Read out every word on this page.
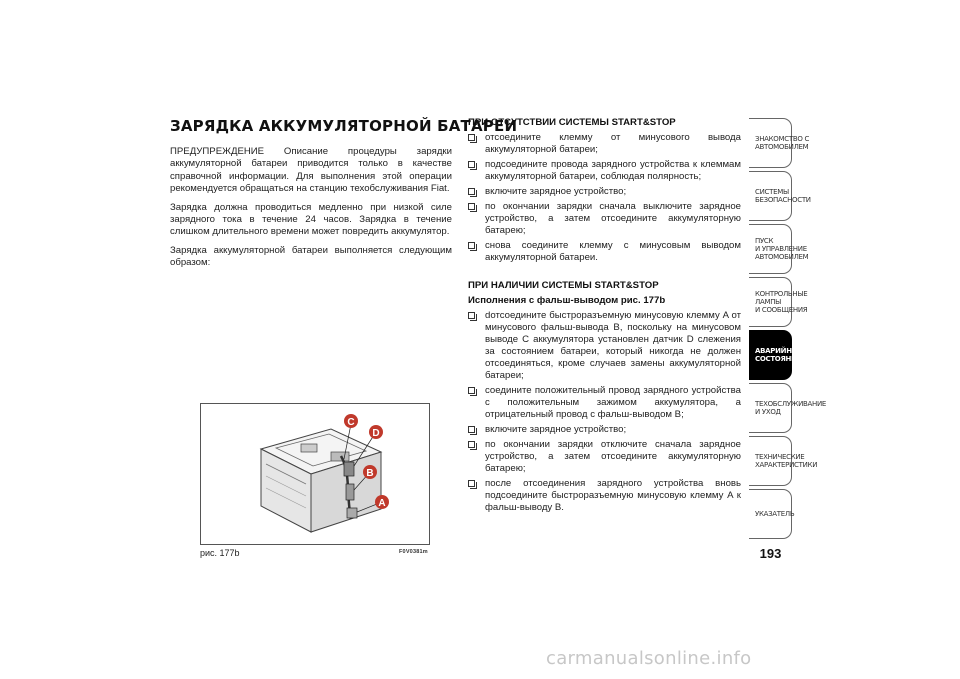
ЗАРЯДКА АККУМУЛЯТОРНОЙ БАТАРЕИ

ПРЕДУПРЕЖДЕНИЕ Описание процедуры зарядки аккумуляторной батареи приводится только в качестве справочной информации. Для выполнения этой операции рекомендуется обращаться на станцию техобслуживания Fiat.

Зарядка должна проводиться медленно при низкой силе зарядного тока в течение 24 часов. Зарядка в течение слишком длительного времени может повредить аккумулятор.

Зарядка аккумуляторной батареи выполняется следующим образом:

C
D
B
A
рис. 177b	F0V0381m
ПРИ ОТСУТСТВИИ СИСТЕМЫ START&STOP
отсоедините клемму от минусового вывода аккумуляторной батареи;
подсоедините провода зарядного устройства к клеммам аккумуляторной батареи, соблюдая полярность;
включите зарядное устройство;
по окончании зарядки сначала выключите зарядное устройство, а затем отсоедините аккумуляторную батарею;
снова соедините клемму с минусовым выводом аккумуляторной батареи.
ПРИ НАЛИЧИИ СИСТЕМЫ START&STOP
Исполнения с фальш-выводом рис. 177b
dотсоедините быстроразъемную минусовую клемму A от минусового фальш-вывода B, поскольку на минусовом выводе C аккумулятора установлен датчик D слежения за состоянием батареи, который никогда не должен отсоединяться, кроме случаев замены аккумуляторной батареи;
соедините положительный провод зарядного устройства с положительным зажимом аккумулятора, а отрицательный провод с фальш-выводом B;
включите зарядное устройство;
по окончании зарядки отключите сначала зарядное устройство, а затем отсоедините аккумуляторную батарею;
после отсоединения зарядного устройства вновь подсоедините быстроразъемную минусовую клемму A к фальш-выводу B.
ЗНАКОМСТВО С
АВТОМОБИЛЕМ
СИСТЕМЫ
БЕЗОПАСНОСТИ
ПУСК
И УПРАВЛЕНИЕ
АВТОМОБИЛЕМ
КОНТРОЛЬНЫЕ
ЛАМПЫ
И СООБЩЕНИЯ
АВАРИЙНОЕ
СОСТОЯНИЕ
ТЕХОБСЛУЖИВАНИЕ
И УХОД
ТЕХНИЧЕСКИЕ
ХАРАКТЕРИСТИКИ
УКАЗАТЕЛЬ
193
carmanualsonline.info
